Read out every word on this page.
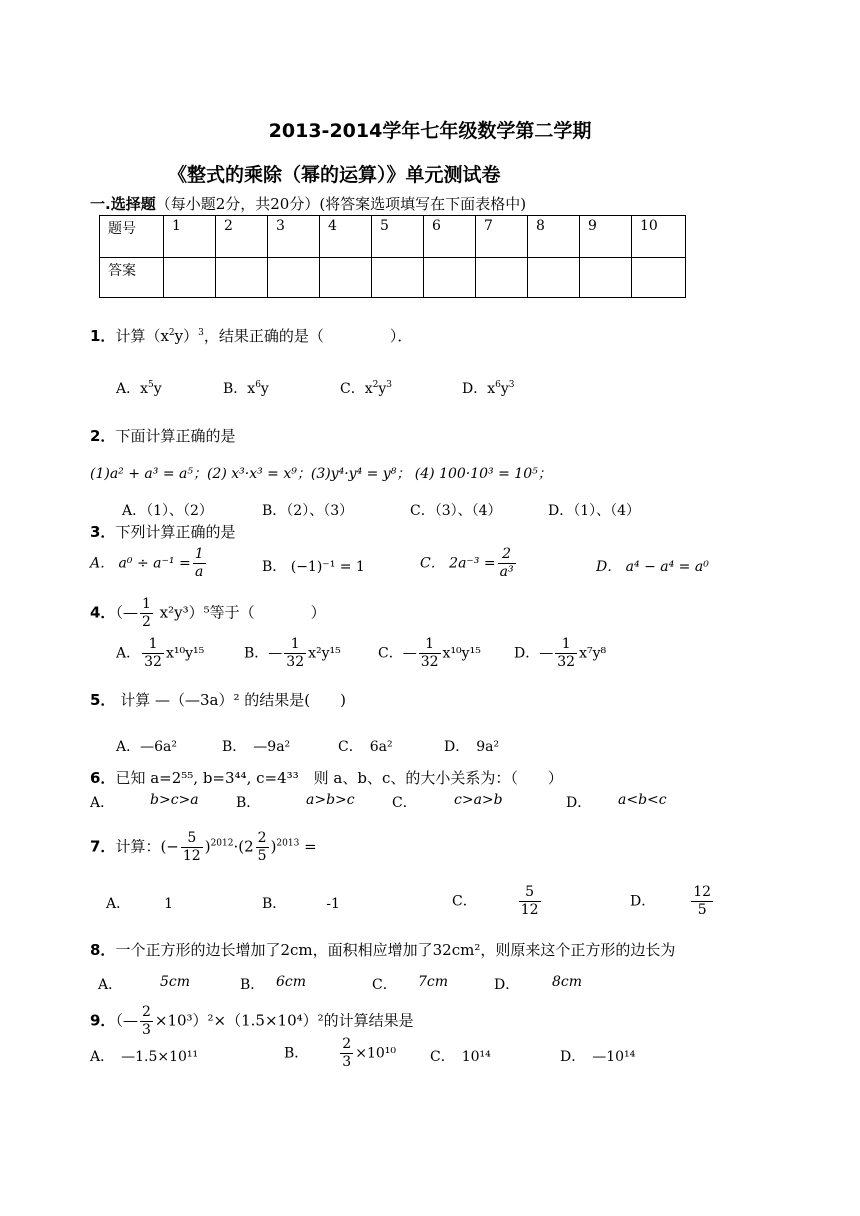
2013-2014学年七年级数学第二学期
《整式的乘除（幂的运算）》单元测试卷
一.选择题（每小题2分，共20分）(将答案选项填写在下面表格中)
题号	1	2	3	4	5	6	7	8	9	10
答案										
1．计算$(x^2y)^3$，结果正确的是（	）．
A．$x^5y$	B．$x^6y$	C．$x^2y^3$	D．$x^6y^3$
2．下面计算正确的是
(1)a² + a³ = a⁵；(2) x³·x³ = x⁹；(3)y⁴·y⁴ = y⁸； (4) 100·10³ = 10⁵；
A．（1）、（2）	B．（2）、（3）	C．（3）、（4）	D．（1）、（4）
3．下列计算正确的是
A． $a^0 \div a^{-1} = \frac{1}{a}$	B． (−1)⁻¹ = 1	C． $2a^{-3} = \frac{2}{\text{a³}}$	D． a⁴ − a⁴ = a⁰
4．（— $\frac{1}{2} x^2y^3)^5$等于（	）
A． $\frac{1}{32} x^{10}y^{15}$	B．— $\frac{1}{32} x^2y^{15}$	C．— $\frac{1}{32} x^{10}y^{15}$ D．— $\frac{1}{32} x^7y^8$
5． 计算 —（—3a）² 的结果是(　　)
A．—6a²	B．　—9a²	C．　6a²	D．　9a²
6．已知 a=2⁵⁵, b=3⁴⁴, c=4³³　则 a、b、c、的大小关系为：（　　）
A．	b>c>a	B．	a>b>c	C．	c>a>b	D． a<b<c
7．计算：(− $\frac{5}{12} )^{2012}\cdot(2 \frac{2}{5} )^{2013}$ =
A． 1	B．	-1	C．	$\frac{5}{12}$	D．	$\frac{12}{5}$
8．一个正方形的边长增加了2cm，面积相应增加了32cm²，则原来这个正方形的边长为
A．	5cm	B． 6cm	C． 7cm	D． 8cm
9．（— $\frac{2}{3} \times 10^3)^2\times(1.5\times 10^4)^2$的计算结果是
A．　—1.5×10¹¹	B． $\frac{2}{3} \times 10^{10}$ C．　10¹⁴	D．　—10¹⁴
